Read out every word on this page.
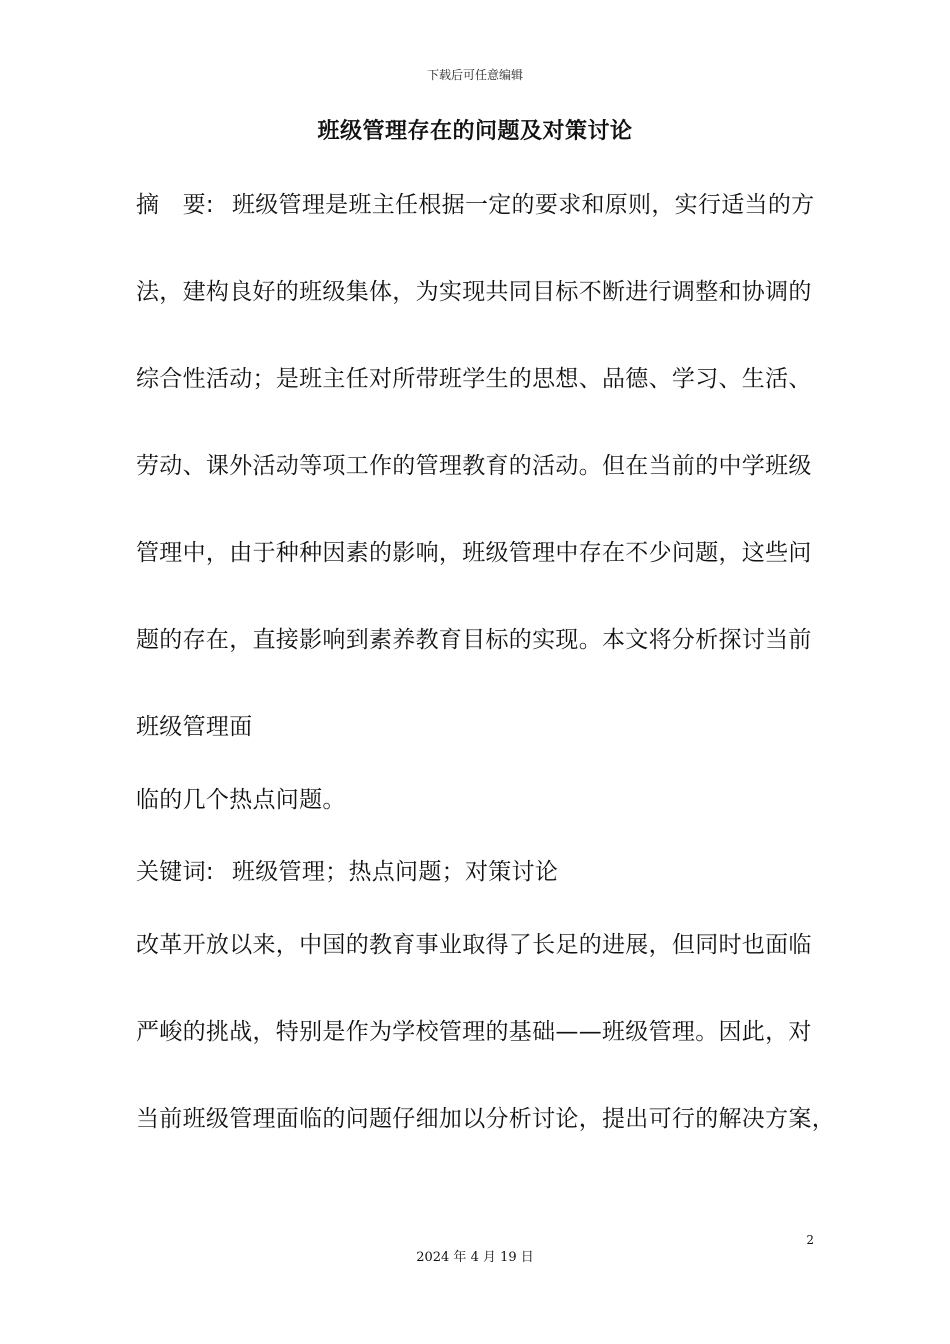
下载后可任意编辑
班级管理存在的问题及对策讨论
摘　要: 班级管理是班主任根据一定的要求和原则，实行适当的方
法，建构良好的班级集体，为实现共同目标不断进行调整和协调的
综合性活动；是班主任对所带班学生的思想、品德、学习、生活、
劳动、课外活动等项工作的管理教育的活动。但在当前的中学班级
管理中，由于种种因素的影响，班级管理中存在不少问题，这些问
题的存在，直接影响到素养教育目标的实现。本文将分析探讨当前
班级管理面
临的几个热点问题。
关键词: 班级管理；热点问题；对策讨论
改革开放以来，中国的教育事业取得了长足的进展，但同时也面临
严峻的挑战，特别是作为学校管理的基础——班级管理。因此，对
当前班级管理面临的问题仔细加以分析讨论，提出可行的解决方案，
2
2024 年 4 月 19 日
